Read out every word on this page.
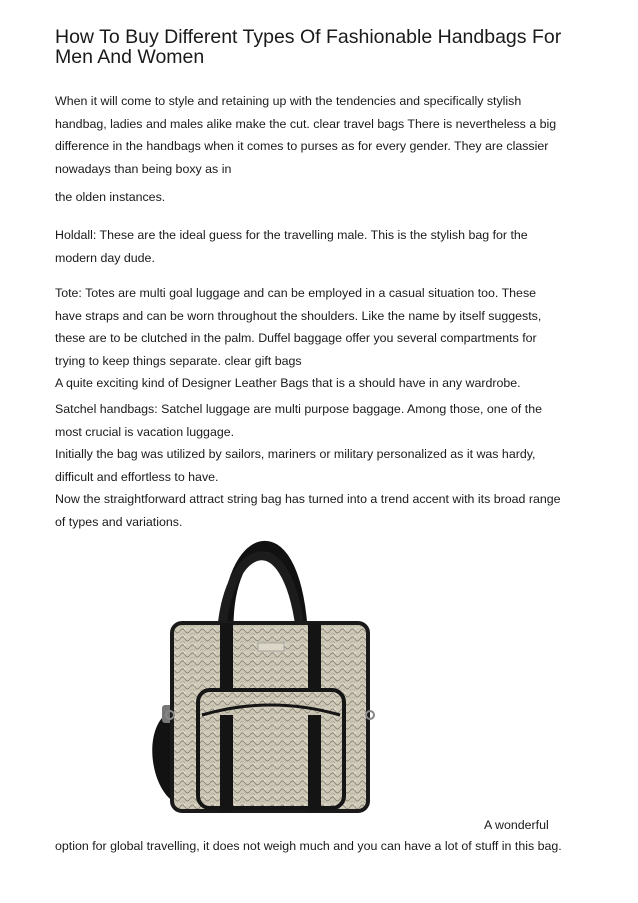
How To Buy Different Types Of Fashionable Handbags For
Men And Women

When it will come to style and retaining up with the tendencies and specifically stylish
handbag, ladies and males alike make the cut. clear travel bags There is nevertheless a big
difference in the handbags when it comes to purses as for every gender. They are classier
nowadays than being boxy as in

the olden instances.

Holdall: These are the ideal guess for the travelling male. This is the stylish bag for the
modern day dude.

Tote: Totes are multi goal luggage and can be employed in a casual situation too. These
have straps and can be worn throughout the shoulders. Like the name by itself suggests,
these are to be clutched in the palm. Duffel baggage offer you several compartments for
trying to keep things separate. clear gift bags
A quite exciting kind of Designer Leather Bags that is a should have in any wardrobe.

Satchel handbags: Satchel luggage are multi purpose baggage. Among those, one of the
most crucial is vacation luggage.
Initially the bag was utilized by sailors, mariners or military personalized as it was hardy,
difficult and effortless to have.
Now the straightforward attract string bag has turned into a trend accent with its broad range
of types and variations.

A wonderful

option for global travelling, it does not weigh much and you can have a lot of stuff in this bag.
